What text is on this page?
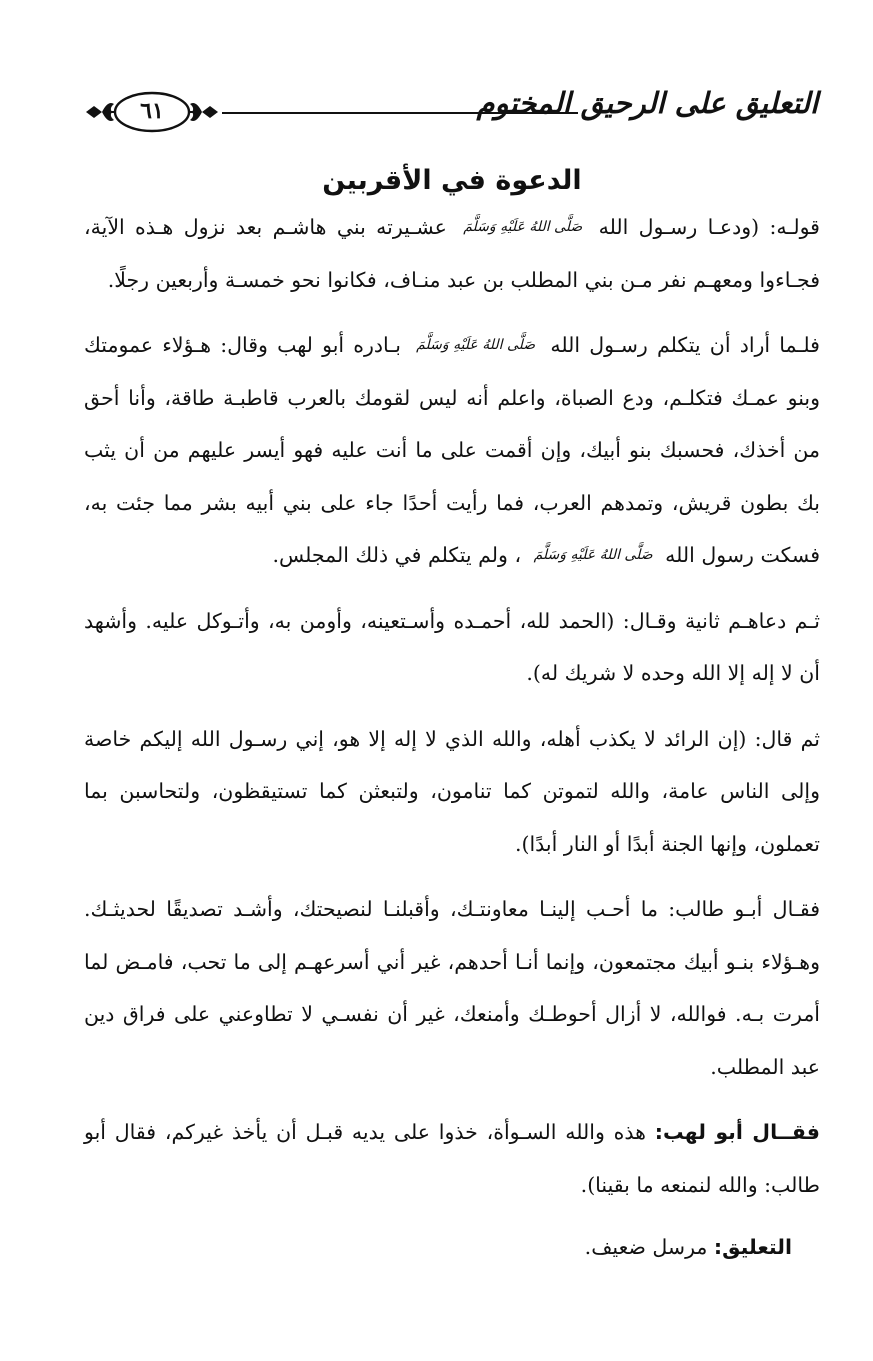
التعليق على الرحيق المختوم
٦١
الدعوة في الأقربين

قولـه: (ودعـا رسـول الله صَلَّى اللهُ عَلَيْهِ وَسَلَّمَ عشـيرته بني هاشـم بعد نزول هـذه الآية، فجـاءوا ومعهـم نفر مـن بني المطلب بن عبد منـاف، فكانوا نحو خمسـة وأربعين رجلًا.

فلـما أراد أن يتكلم رسـول الله صَلَّى اللهُ عَلَيْهِ وَسَلَّمَ بـادره أبو لهب وقال: هـؤلاء عمومتك وبنو عمـك فتكلـم، ودع الصباة، واعلم أنه ليس لقومك بالعرب قاطبـة طاقة، وأنا أحق من أخذك، فحسبك بنو أبيك، وإن أقمت على ما أنت عليه فهو أيسر عليهم من أن يثب بك بطون قريش، وتمدهم العرب، فما رأيت أحدًا جاء على بني أبيه بشر مما جئت به، فسكت رسول الله صَلَّى اللهُ عَلَيْهِ وَسَلَّمَ ، ولم يتكلم في ذلك المجلس.

ثـم دعاهـم ثانية وقـال: (الحمد لله، أحمـده وأسـتعينه، وأومن به، وأتـوكل عليه. وأشهد أن لا إله إلا الله وحده لا شريك له).

ثم قال: (إن الرائد لا يكذب أهله، والله الذي لا إله إلا هو، إني رسـول الله إليكم خاصة وإلى الناس عامة، والله لتموتن كما تنامون، ولتبعثن كما تستيقظون، ولتحاسبن بما تعملون، وإنها الجنة أبدًا أو النار أبدًا).

فقـال أبـو طالب: ما أحـب إلينـا معاونتـك، وأقبلنـا لنصيحتك، وأشـد تصديقًا لحديثـك. وهـؤلاء بنـو أبيك مجتمعون، وإنما أنـا أحدهم، غير أني أسرعهـم إلى ما تحب، فامـض لما أمرت بـه. فوالله، لا أزال أحوطـك وأمنعك، غير أن نفسـي لا تطاوعني على فراق دين عبد المطلب.

فقــال أبو لهب: هذه والله السـوأة، خذوا على يديه قبـل أن يأخذ غيركم، فقال أبو طالب: والله لنمنعه ما بقينا).

التعليق: مرسل ضعيف.
